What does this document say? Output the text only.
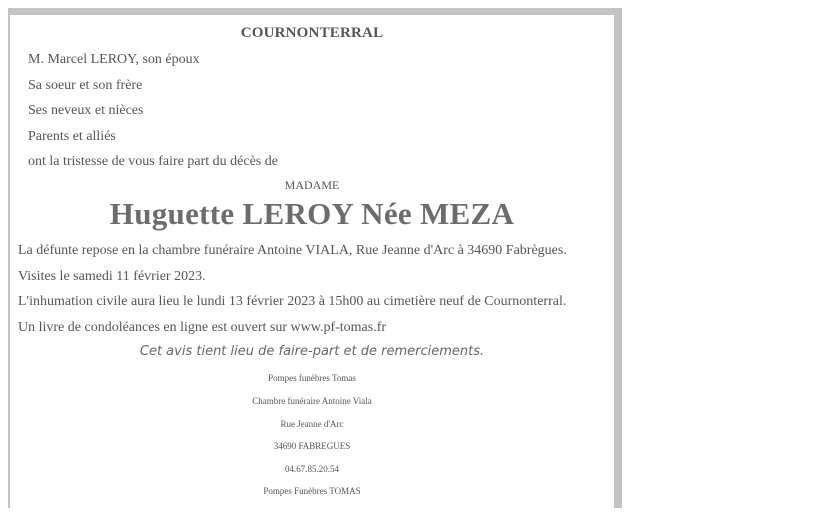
COURNONTERRAL
M. Marcel LEROY, son époux
Sa soeur et son frère
Ses neveux et nièces
Parents et alliés
ont la tristesse de vous faire part du décès de
MADAME
Huguette LEROY Née MEZA
La défunte repose en la chambre funéraire Antoine VIALA, Rue Jeanne d'Arc à 34690 Fabrègues.
Visites le samedi 11 février 2023.
L'inhumation civile aura lieu le lundi 13 février 2023 à 15h00 au cimetière neuf de Cournonterral.
Un livre de condoléances en ligne est ouvert sur www.pf-tomas.fr
Cet avis tient lieu de faire-part et de remerciements.
Pompes funèbres Tomas
Chambre funéraire Antoine Viala
Rue Jeanne d'Arc
34690 FABREGUES
04.67.85.20.54
Pompes Funèbres TOMAS
